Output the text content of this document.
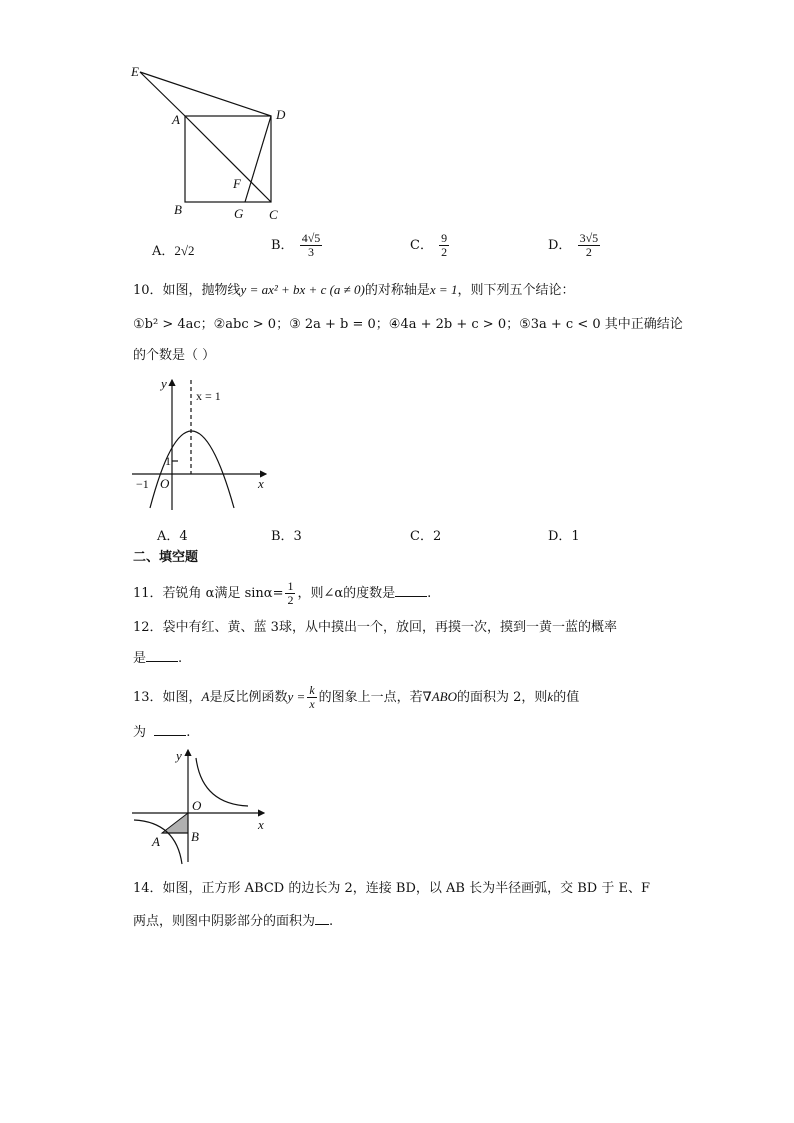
E
A	D
F
B	G C
A．2√2	B． $\frac{4√5}{3}$	C． $\frac{9}{2}$	D． $\frac{3√5}{2}$
10．如图，抛物线y = ax² + bx + c (a ≠ 0)的对称轴是x = 1，则下列五个结论：
①b² > 4ac；②abc > 0；③ 2a + b = 0；④4a + 2b + c > 0；⑤3a + c < 0 其中正确结论
的个数是（ ）
y
x
x = 1
1
−1 O
A．4	B．3	C．2	D．1
二、填空题
11．若锐角 α满足 $\sin\alpha= \frac{1}{2}$ ，则∠α的度数是 .
12．袋中有红、黄、蓝 3球，从中摸出一个，放回，再摸一次，摸到一黄一蓝的概率
是 .
13．如图，A是反比例函数$y = \frac{k}{x}$ 的图象上一点，若∇ABO的面积为 2，则k的值
为	.
y
x
O
A B
14．如图，正方形 ABCD 的边长为 2，连接 BD，以 AB 长为半径画弧，交 BD 于 E、F
两点，则图中阴影部分的面积为 .
